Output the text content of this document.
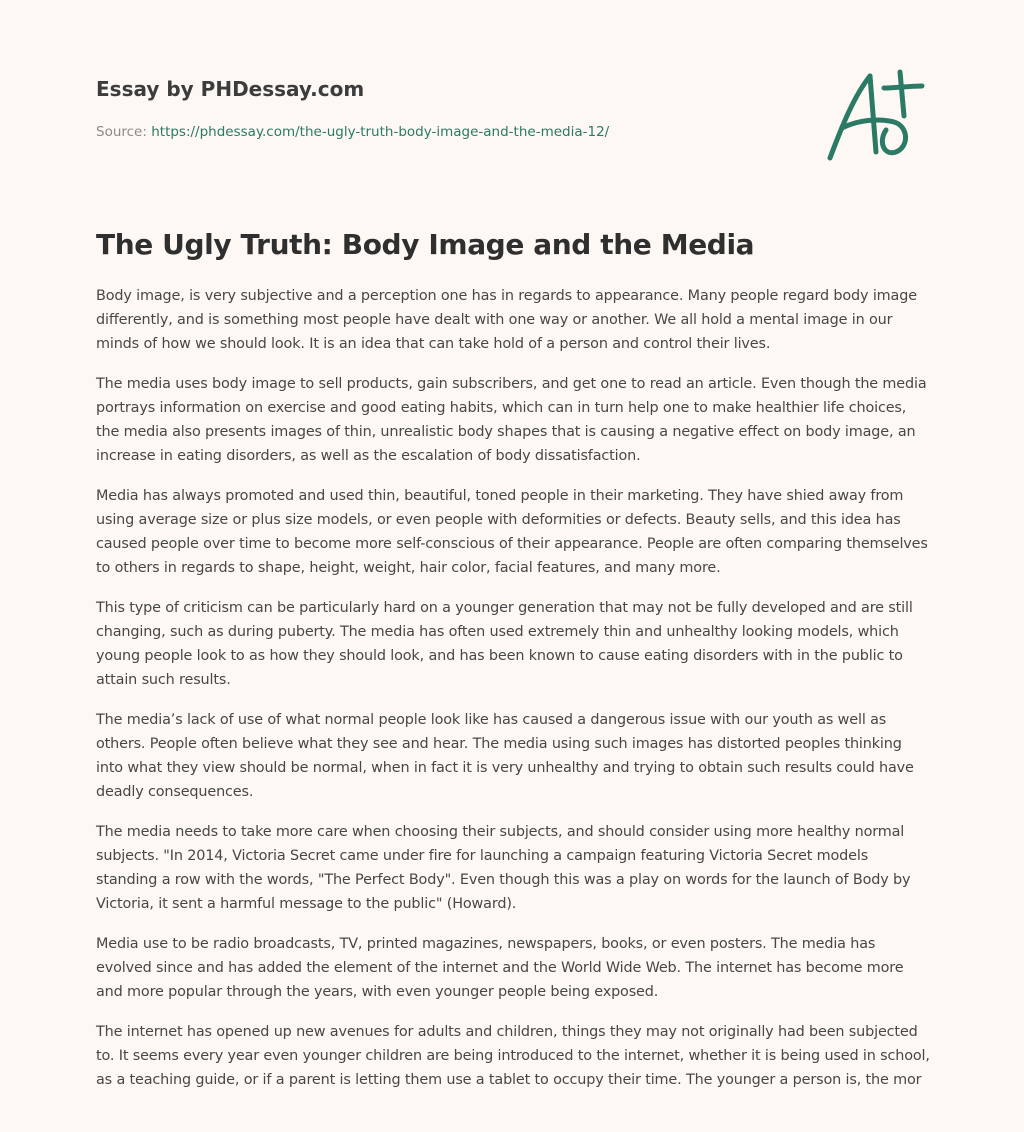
Essay by PHDessay.com
Source: https://phdessay.com/the-ugly-truth-body-image-and-the-media-12/
The Ugly Truth: Body Image and the Media

Body image, is very subjective and a perception one has in regards to appearance. Many people regard body image differently, and is something most people have dealt with one way or another. We all hold a mental image in our minds of how we should look. It is an idea that can take hold of a person and control their lives.

The media uses body image to sell products, gain subscribers, and get one to read an article. Even though the media portrays information on exercise and good eating habits, which can in turn help one to make healthier life choices, the media also presents images of thin, unrealistic body shapes that is causing a negative effect on body image, an increase in eating disorders, as well as the escalation of body dissatisfaction.

Media has always promoted and used thin, beautiful, toned people in their marketing. They have shied away from using average size or plus size models, or even people with deformities or defects. Beauty sells, and this idea has caused people over time to become more self-conscious of their appearance. People are often comparing themselves to others in regards to shape, height, weight, hair color, facial features, and many more.

This type of criticism can be particularly hard on a younger generation that may not be fully developed and are still changing, such as during puberty. The media has often used extremely thin and unhealthy looking models, which young people look to as how they should look, and has been known to cause eating disorders with in the public to attain such results.

The media’s lack of use of what normal people look like has caused a dangerous issue with our youth as well as others. People often believe what they see and hear. The media using such images has distorted peoples thinking into what they view should be normal, when in fact it is very unhealthy and trying to obtain such results could have deadly consequences.

The media needs to take more care when choosing their subjects, and should consider using more healthy normal subjects. "In 2014, Victoria Secret came under fire for launching a campaign featuring Victoria Secret models standing a row with the words, "The Perfect Body". Even though this was a play on words for the launch of Body by Victoria, it sent a harmful message to the public" (Howard).

Media use to be radio broadcasts, TV, printed magazines, newspapers, books, or even posters. The media has evolved since and has added the element of the internet and the World Wide Web. The internet has become more and more popular through the years, with even younger people being exposed.

The internet has opened up new avenues for adults and children, things they may not originally had been subjected to. It seems every year even younger children are being introduced to the internet, whether it is being used in school, as a teaching guide, or if a parent is letting them use a tablet to occupy their time. The younger a person is, the mor
